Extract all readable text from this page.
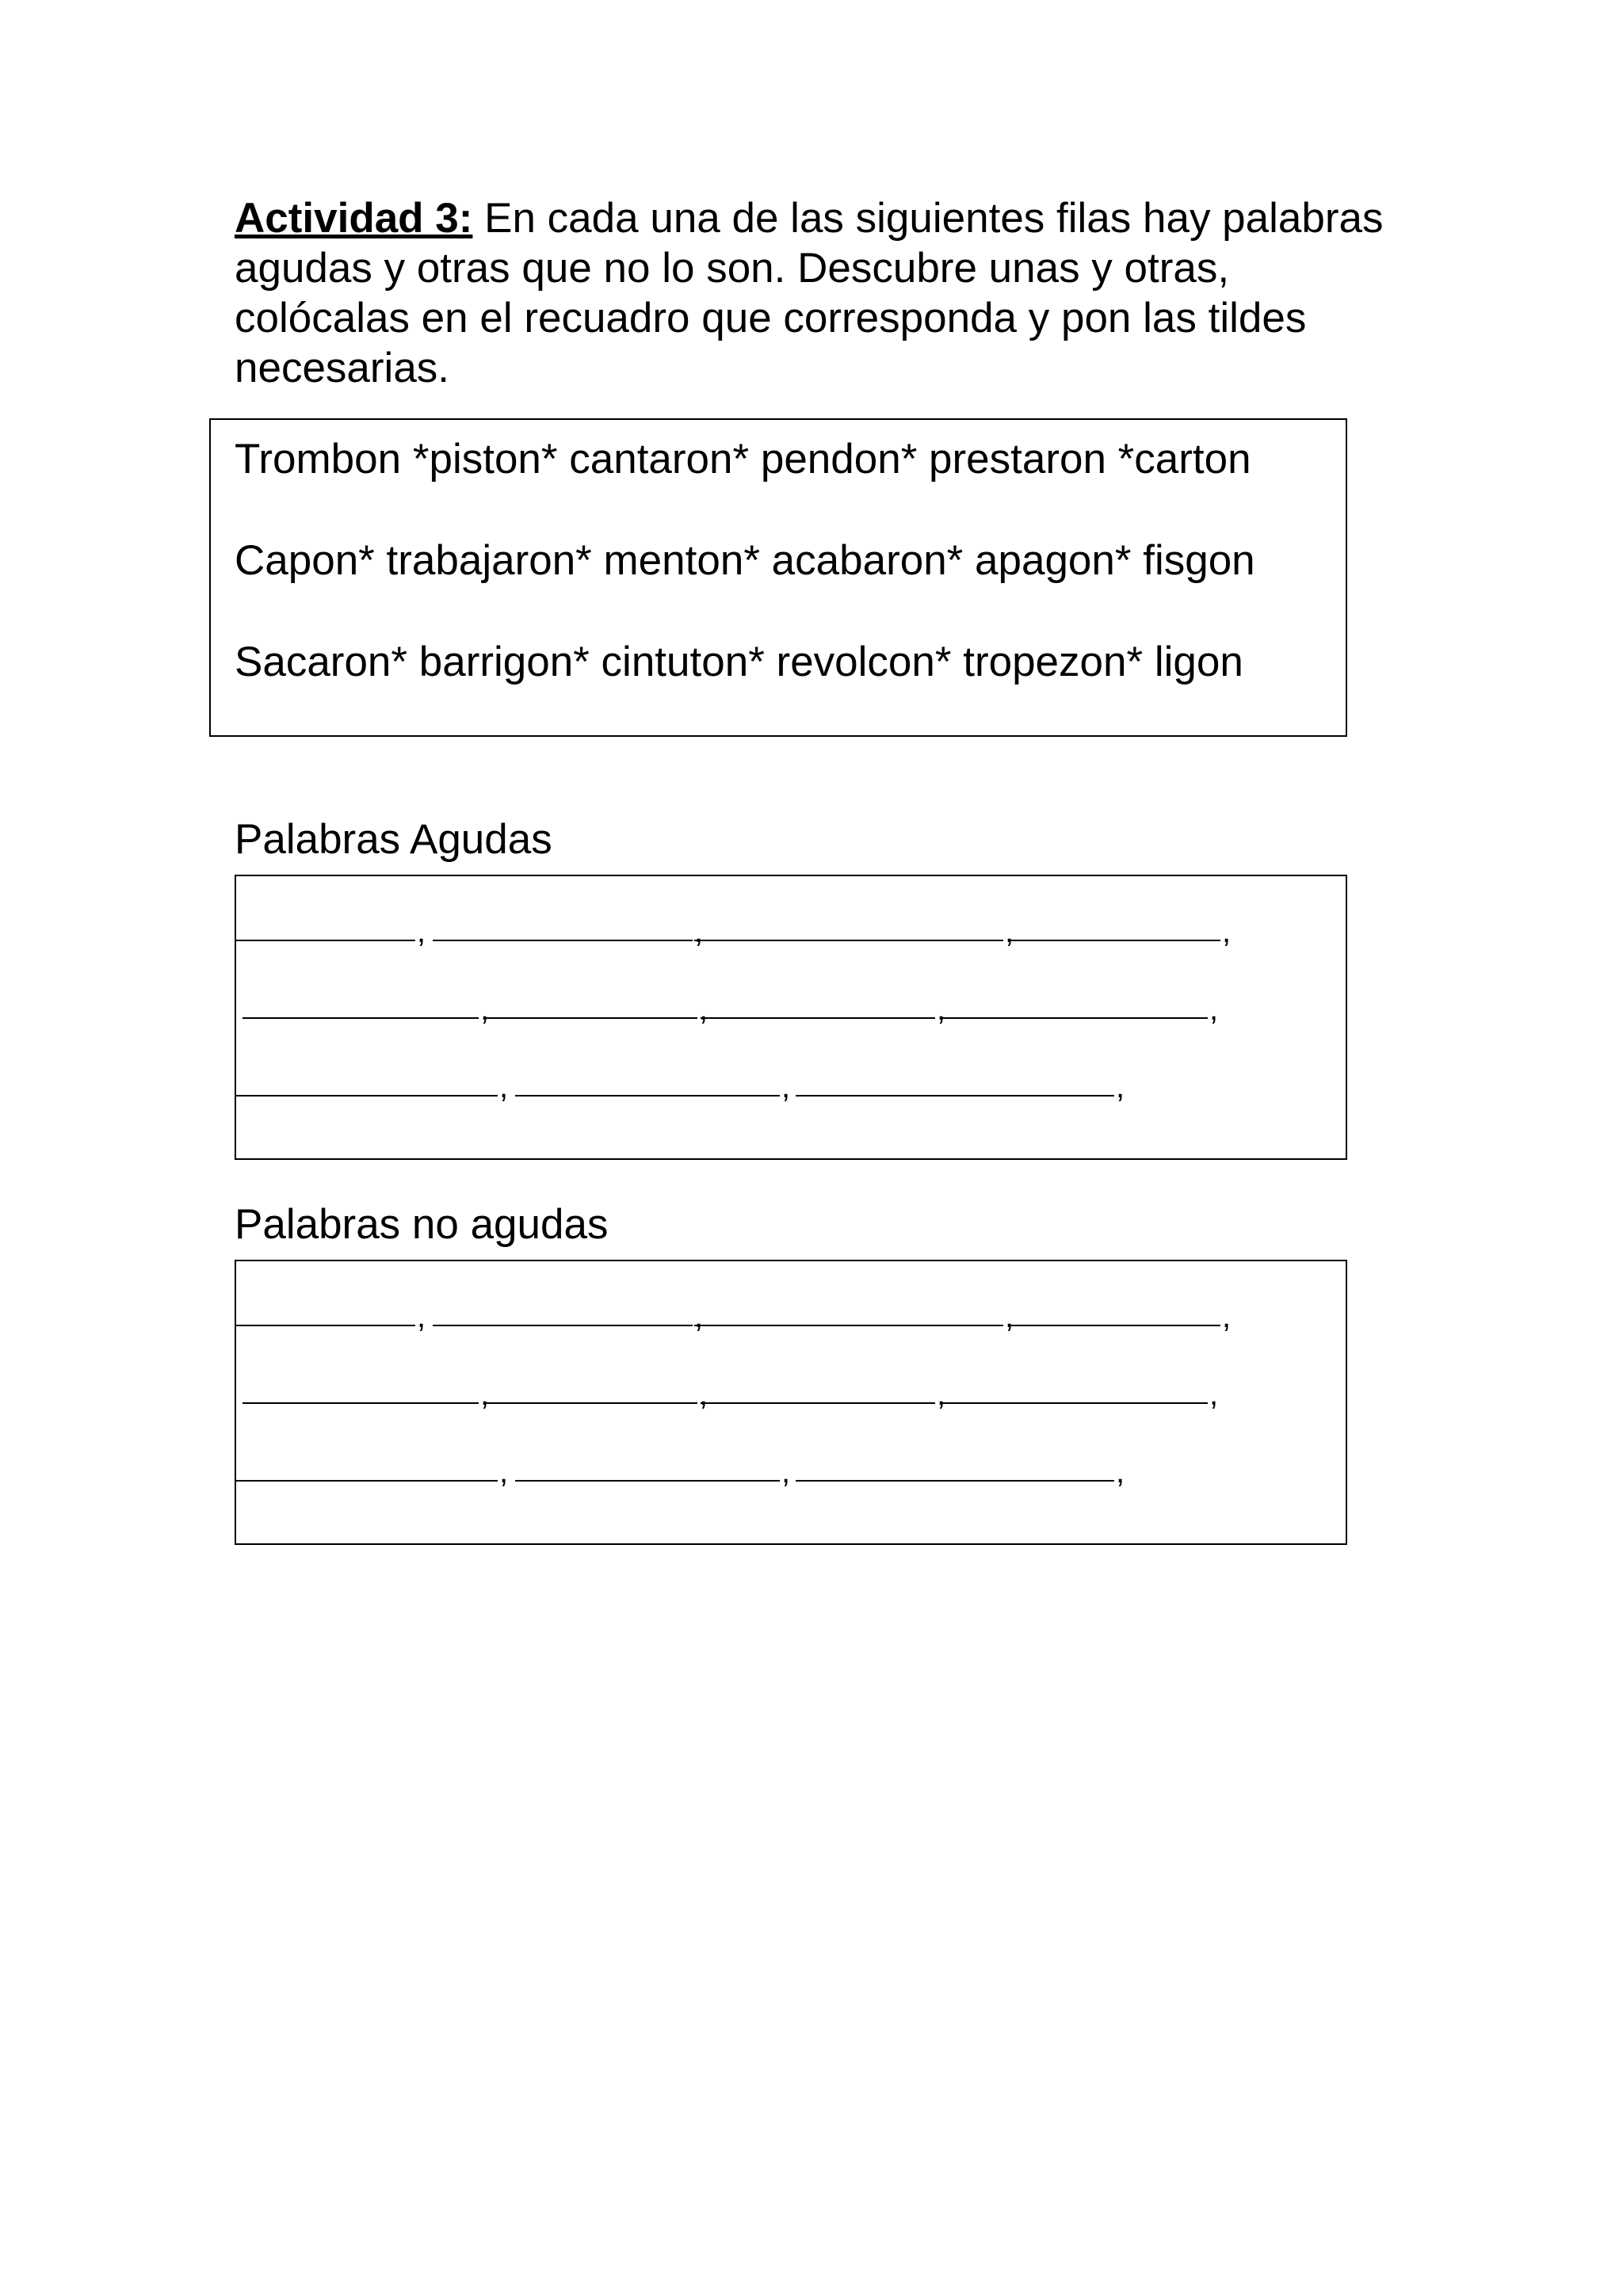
Actividad 3: En cada una de las siguientes filas hay palabras agudas y otras que no lo son. Descubre unas y otras, colócalas en el recuadro que corresponda y pon las tildes necesarias.
Trombon *piston* cantaron* pendon* prestaron *carton
Capon* trabajaron* menton* acabaron* apagon* fisgon
Sacaron* barrigon* cintuton* revolcon* tropezon* ligon
Palabras Agudas
,	,	,	,
,	,	,	,
,	,	,
Palabras no agudas
,	,	,	,
,	,	,	,
,	,	,
